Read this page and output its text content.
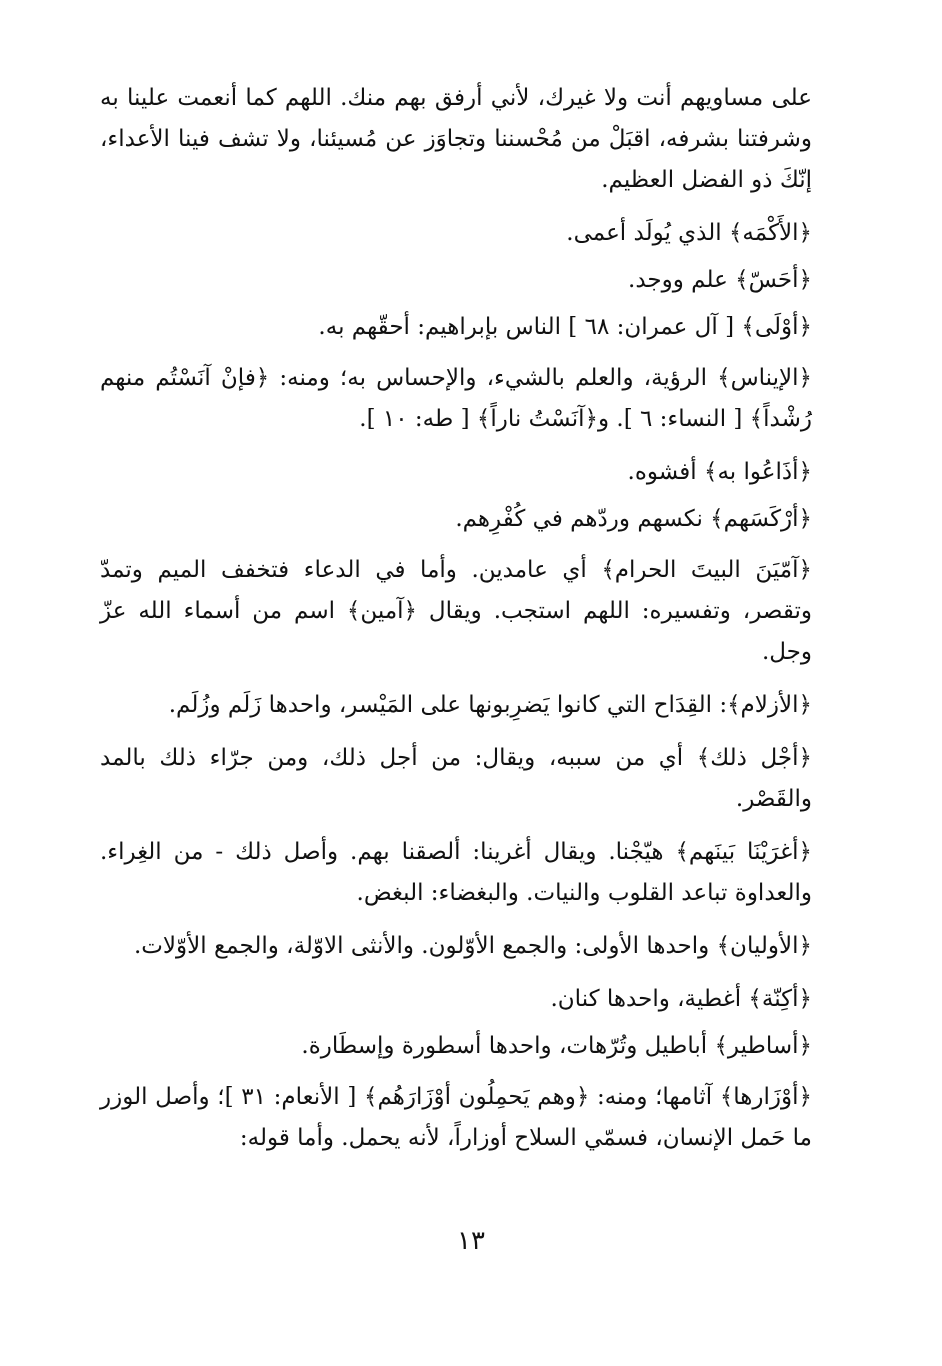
على مساويهم أنت ولا غيرك، لأني أرفق بهم منك. اللهم كما أنعمت علينا به وشرفتنا بشرفه، اقبَلْ من مُحْسننا وتجاوَز عن مُسيئنا، ولا تشف فينا الأعداء، إنّكَ ذو الفضل العظيم.

﴿الأَكْمَه﴾ الذي يُولَد أعمى.

﴿أحَسّ﴾ علم ووجد.

﴿أوْلَى﴾ [ آل عمران: ٦٨ ] الناس بإبراهيم: أحقّهم به.

﴿الإيناس﴾ الرؤية، والعلم بالشيء، والإحساس به؛ ومنه: ﴿فإنْ آنَسْتُم منهم رُشْداً﴾ [ النساء: ٦ ]. و﴿آنَسْتُ ناراً﴾ [ طه: ١٠ ].

﴿أذَاعُوا به﴾ أفشوه.

﴿أرْكَسَهم﴾ نكسهم وردّهم في كُفْرِهم.

﴿آمّيَنَ البيتَ الحرام﴾ أي عامدين. وأما في الدعاء فتخفف الميم وتمدّ وتقصر، وتفسيره: اللهم استجب. ويقال ﴿آمين﴾ اسم من أسماء الله عزّ وجل.

﴿الأزلام﴾: القِدَاح التي كانوا يَضرِبونها على المَيْسر، واحدها زَلَم وزُلَم.

﴿أجْل ذلك﴾ أي من سببه، ويقال: من أجل ذلك، ومن جرّاء ذلك بالمد والقَصْر.

﴿أغرَيْنَا بَينَهم﴾ هيّجْنا. ويقال أغرينا: ألصقنا بهم. وأصل ذلك - من الغِراء. والعداوة تباعد القلوب والنيات. والبغضاء: البغض.

﴿الأوليان﴾ واحدها الأولى: والجمع الأوّلون. والأنثى الاوّلة، والجمع الأوّلات.

﴿أكِنّة﴾ أغطية، واحدها كنان.

﴿أساطير﴾ أباطيل وتُرّهات، واحدها أسطورة وإسطَارة.

﴿أوْزَارها﴾ آثامها؛ ومنه: ﴿وهم يَحمِلُون أوْزَارَهُم﴾ [ الأنعام: ٣١ ]؛ وأصل الوزر ما حَمل الإنسان، فسمّي السلاح أوزاراً، لأنه يحمل. وأما قوله:

١٣
